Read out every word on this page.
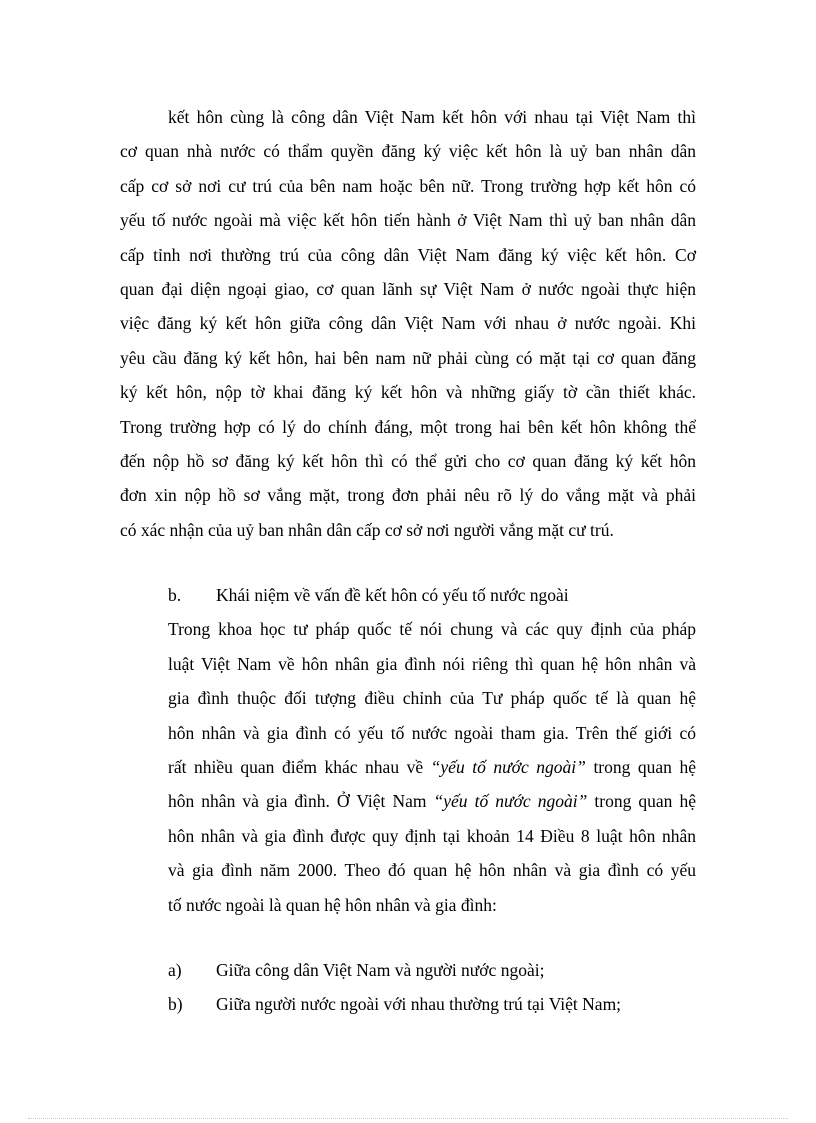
kết hôn cùng là công dân Việt Nam kết hôn với nhau tại Việt Nam thì
cơ quan nhà nước có thẩm quyền đăng ký việc kết hôn là uỷ ban nhân dân
cấp cơ sở nơi cư trú của bên nam hoặc bên nữ. Trong trường hợp kết hôn có
yếu tố nước ngoài mà việc kết hôn tiến hành ở Việt Nam thì uỷ ban nhân dân
cấp tỉnh nơi thường trú của công dân Việt Nam đăng ký việc kết hôn. Cơ
quan đại diện ngoại giao, cơ quan lãnh sự Việt Nam ở nước ngoài thực hiện
việc đăng ký kết hôn giữa công dân Việt Nam với nhau ở nước ngoài. Khi
yêu cầu đăng ký kết hôn, hai bên nam nữ phải cùng có mặt tại cơ quan đăng
ký kết hôn, nộp tờ khai đăng ký kết hôn và những giấy tờ cần thiết khác.
Trong trường hợp có lý do chính đáng, một trong hai bên kết hôn không thể
đến nộp hồ sơ đăng ký kết hôn thì có thể gửi cho cơ quan đăng ký kết hôn
đơn xin nộp hồ sơ vắng mặt, trong đơn phải nêu rõ lý do vắng mặt và phải
có xác nhận của uỷ ban nhân dân cấp cơ sở nơi người vắng mặt cư trú.
b.	Khái niệm về vấn đề kết hôn có yếu tố nước ngoài
Trong khoa học tư pháp quốc tế nói chung và các quy định của pháp
luật Việt Nam về hôn nhân gia đình nói riêng thì quan hệ hôn nhân và
gia đình thuộc đối tượng điều chỉnh của Tư pháp quốc tế là quan hệ
hôn nhân và gia đình có yếu tố nước ngoài tham gia. Trên thế giới có
rất nhiều quan điểm khác nhau về “yếu tố nước ngoài” trong quan hệ
hôn nhân và gia đình. Ở Việt Nam “yếu tố nước ngoài” trong quan hệ
hôn nhân và gia đình được quy định tại khoản 14 Điều 8 luật hôn nhân
và gia đình năm 2000. Theo đó quan hệ hôn nhân và gia đình có yếu
tố nước ngoài là quan hệ hôn nhân và gia đình:
a)	Giữa công dân Việt Nam và người nước ngoài;
b)	Giữa người nước ngoài với nhau thường trú tại Việt Nam;
